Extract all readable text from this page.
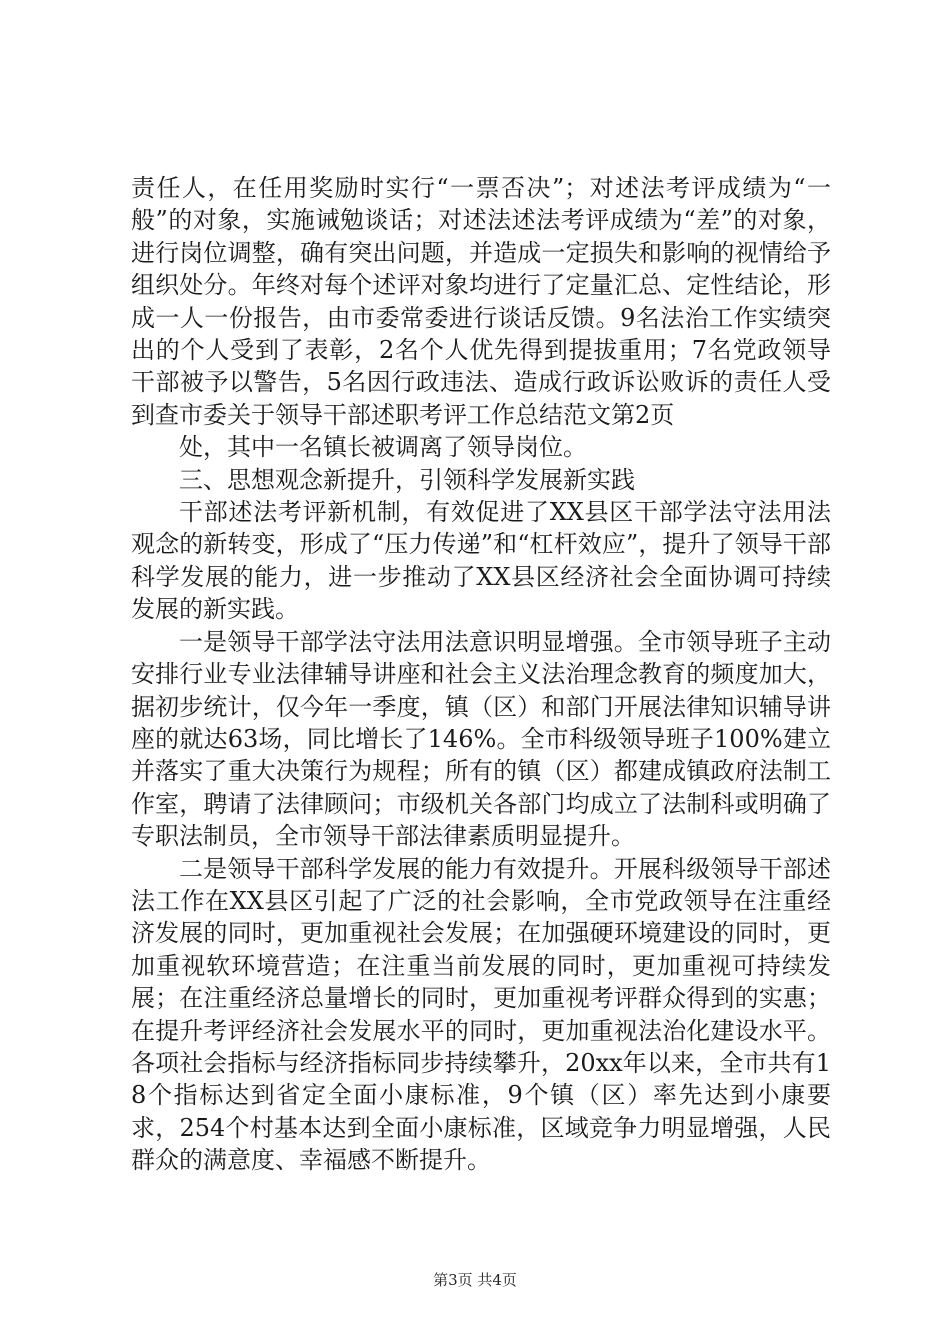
责任人，在任用奖励时实行“一票否决”；对述法考评成绩为“一般”的对象，实施诫勉谈话；对述法述法考评成绩为“差”的对象，进行岗位调整，确有突出问题，并造成一定损失和影响的视情给予组织处分。年终对每个述评对象均进行了定量汇总、定性结论，形成一人一份报告，由市委常委进行谈话反馈。9名法治工作实绩突出的个人受到了表彰，2名个人优先得到提拔重用；7名党政领导干部被予以警告，5名因行政违法、造成行政诉讼败诉的责任人受到查市委关于领导干部述职考评工作总结范文第2页

处，其中一名镇长被调离了领导岗位。

三、思想观念新提升，引领科学发展新实践

干部述法考评新机制，有效促进了XX县区干部学法守法用法观念的新转变，形成了“压力传递”和“杠杆效应”，提升了领导干部科学发展的能力，进一步推动了XX县区经济社会全面协调可持续发展的新实践。

一是领导干部学法守法用法意识明显增强。全市领导班子主动安排行业专业法律辅导讲座和社会主义法治理念教育的频度加大，据初步统计，仅今年一季度，镇（区）和部门开展法律知识辅导讲座的就达63场，同比增长了146%。全市科级领导班子100%建立并落实了重大决策行为规程；所有的镇（区）都建成镇政府法制工作室，聘请了法律顾问；市级机关各部门均成立了法制科或明确了专职法制员，全市领导干部法律素质明显提升。

二是领导干部科学发展的能力有效提升。开展科级领导干部述法工作在XX县区引起了广泛的社会影响，全市党政领导在注重经济发展的同时，更加重视社会发展；在加强硬环境建设的同时，更加重视软环境营造；在注重当前发展的同时，更加重视可持续发展；在注重经济总量增长的同时，更加重视考评群众得到的实惠；在提升考评经济社会发展水平的同时，更加重视法治化建设水平。各项社会指标与经济指标同步持续攀升，20xx年以来，全市共有18个指标达到省定全面小康标准，9个镇（区）率先达到小康要求，254个村基本达到全面小康标准，区域竞争力明显增强，人民群众的满意度、幸福感不断提升。

第3页 共4页
